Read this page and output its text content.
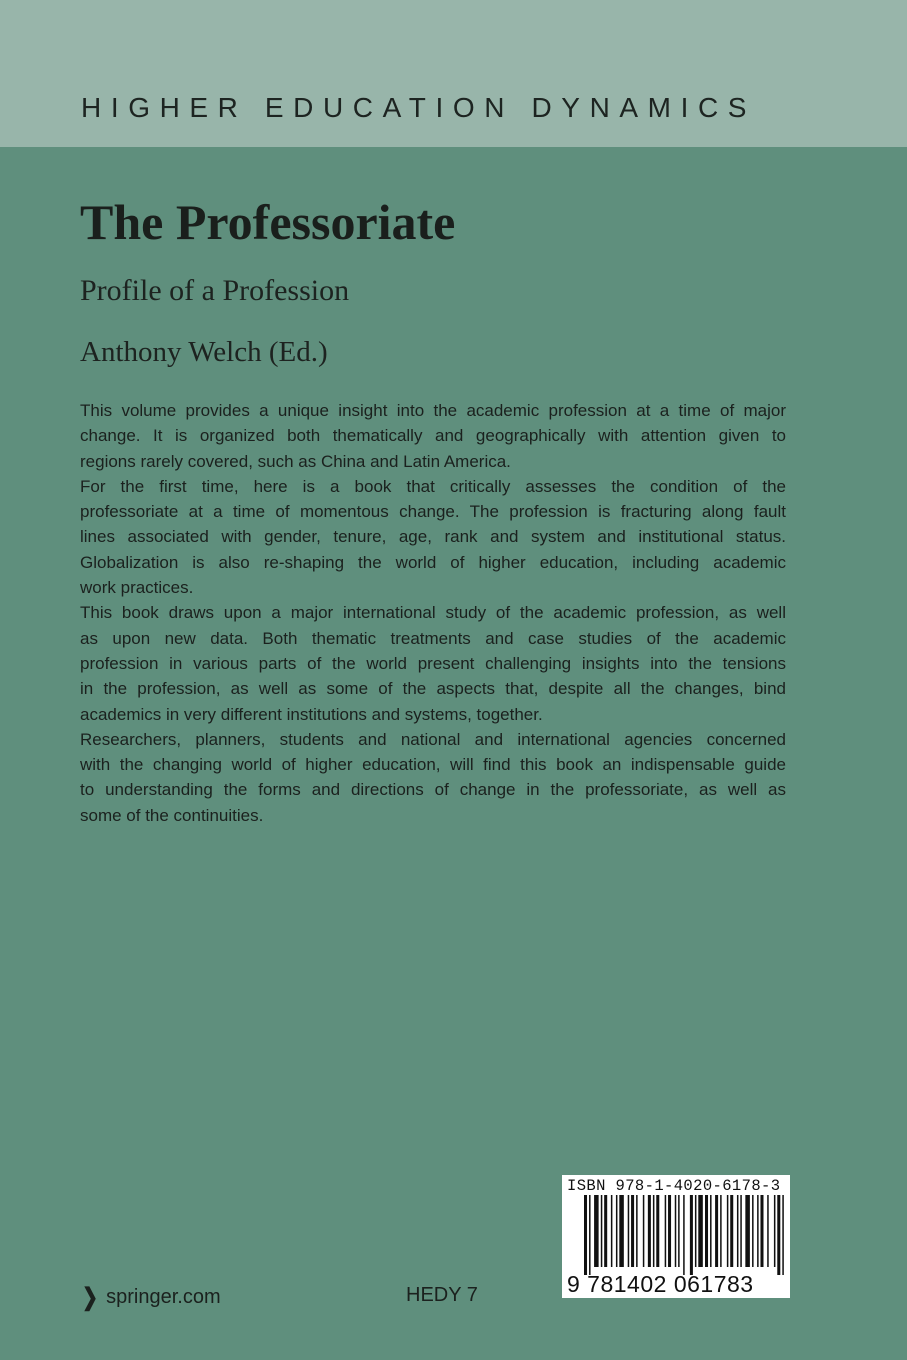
HIGHER EDUCATION DYNAMICS
The Professoriate
Profile of a Profession
Anthony Welch (Ed.)
This volume provides a unique insight into the academic profession at a time of major
change. It is organized both thematically and geographically with attention given to
regions rarely covered, such as China and Latin America.
For the first time, here is a book that critically assesses the condition of the
professoriate at a time of momentous change. The profession is fracturing along fault
lines associated with gender, tenure, age, rank and system and institutional status.
Globalization is also re-shaping the world of higher education, including academic
work practices.
This book draws upon a major international study of the academic profession, as well
as upon new data. Both thematic treatments and case studies of the academic
profession in various parts of the world present challenging insights into the tensions
in the profession, as well as some of the aspects that, despite all the changes, bind
academics in very different institutions and systems, together.
Researchers, planners, students and national and international agencies concerned
with the changing world of higher education, will find this book an indispensable guide
to understanding the forms and directions of change in the professoriate, as well as
some of the continuities.
❯ springer.com	HEDY 7
ISBN 978-1-4020-6178-3
9 781402 061783
